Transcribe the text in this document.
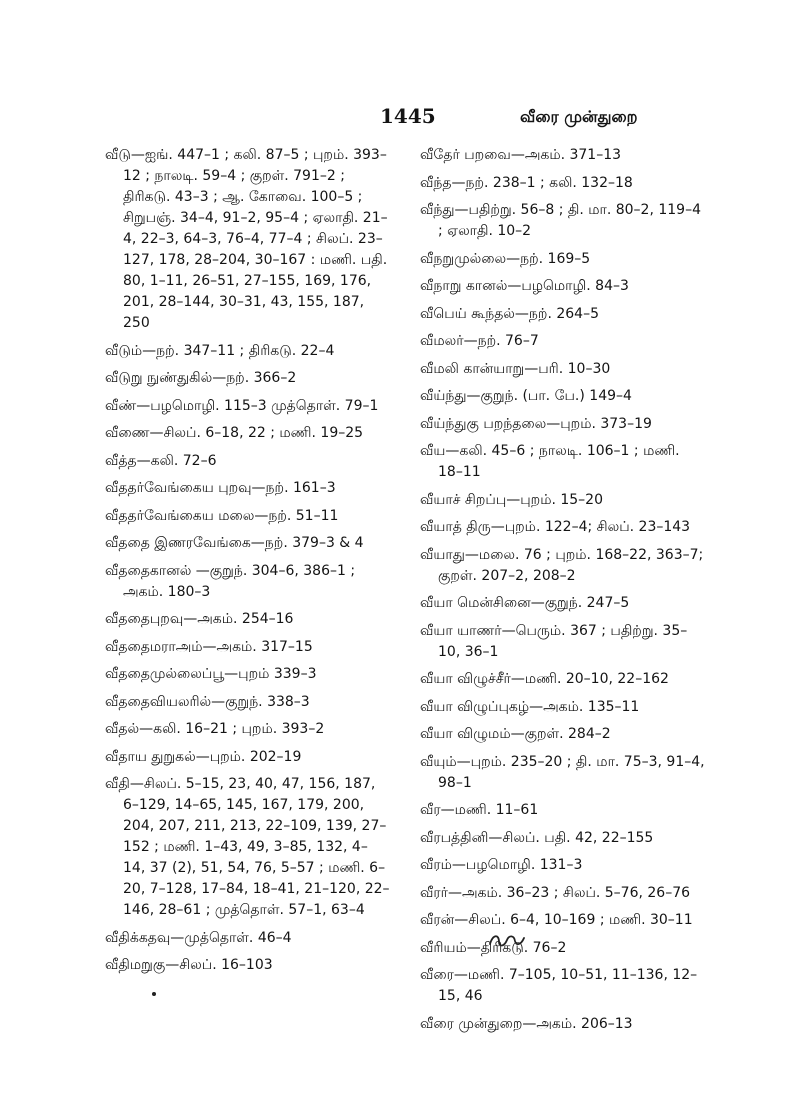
1445	வீரை முன்துறை
வீடு—ஐங். 447–1 ; கலி. 87–5 ; புறம். 393–12 ; நாலடி. 59–4 ; குறள். 791–2 ; திரிகடு. 43–3 ; ஆ. கோவை. 100–5 ; சிறுபஞ். 34–4, 91–2, 95–4 ; ஏலாதி. 21–4, 22–3, 64–3, 76–4, 77–4 ; சிலப். 23–127, 178, 28–204, 30–167 : மணி. பதி. 80, 1–11, 26–51, 27–155, 169, 176, 201, 28–144, 30–31, 43, 155, 187, 250
வீடும்—நற். 347–11 ; திரிகடு. 22–4
வீடுறு நுண்துகில்—நற். 366–2
வீண்—பழமொழி. 115–3 முத்தொள். 79–1
வீணை—சிலப். 6–18, 22 ; மணி. 19–25
வீத்த—கலி. 72–6
வீததர்வேங்கைய புறவு—நற். 161–3
வீததர்வேங்கைய மலை—நற். 51–11
வீததை இணரவேங்கை—நற். 379–3 & 4
வீததைகானல் —குறுந். 304–6, 386–1 ; அகம். 180–3
வீததைபுறவு—அகம். 254–16
வீததைமராஅம்—அகம். 317–15
வீததைமுல்லைப்பூ—புறம் 339–3
வீததைவியலரில்—குறுந். 338–3
வீதல்—கலி. 16–21 ; புறம். 393–2
வீதாய துறுகல்—புறம். 202–19
வீதி—சிலப். 5–15, 23, 40, 47, 156, 187, 6–129, 14–65, 145, 167, 179, 200, 204, 207, 211, 213, 22–109, 139, 27–152 ; மணி. 1–43, 49, 3–85, 132, 4–14, 37 (2), 51, 54, 76, 5–57 ; மணி. 6–20, 7–128, 17–84, 18–41, 21–120, 22–146, 28–61 ; முத்தொள். 57–1, 63–4
வீதிக்கதவு—முத்தொள். 46–4
வீதிமறுகு—சிலப். 16–103
வீதேர் பறவை—அகம். 371–13
வீந்த—நற். 238–1 ; கலி. 132–18
வீந்து—பதிற்று. 56–8 ; தி. மா. 80–2, 119–4 ; ஏலாதி. 10–2
வீநறுமுல்லை—நற். 169–5
வீநாறு கானல்—பழமொழி. 84–3
வீபெய் கூந்தல்—நற். 264–5
வீமலர்—நற். 76–7
வீமலி கான்யாறு—பரி. 10–30
வீய்ந்து—குறுந். (பா. பே.) 149–4
வீய்ந்துகு பறந்தலை—புறம். 373–19
வீய—கலி. 45–6 ; நாலடி. 106–1 ; மணி. 18–11
வீயாச் சிறப்பு—புறம். 15–20
வீயாத் திரு—புறம். 122–4; சிலப். 23–143
வீயாது—மலை. 76 ; புறம். 168–22, 363–7; குறள். 207–2, 208–2
வீயா மென்சினை—குறுந். 247–5
வீயா யாணர்—பெரும். 367 ; பதிற்று. 35–10, 36–1
வீயா விழுச்சீர்—மணி. 20–10, 22–162
வீயா விழுப்புகழ்—அகம். 135–11
வீயா விழுமம்—குறள். 284–2
வீயும்—புறம். 235–20 ; தி. மா. 75–3, 91–4, 98–1
வீர—மணி. 11–61
வீரபத்தினி—சிலப். பதி. 42, 22–155
வீரம்—பழமொழி. 131–3
வீரர்—அகம். 36–23 ; சிலப். 5–76, 26–76
வீரன்—சிலப். 6–4, 10–169 ; மணி. 30–11
வீரியம்—திரிகடு. 76–2
வீரை—மணி. 7–105, 10–51, 11–136, 12–15, 46
வீரை முன்துறை—அகம். 206–13
